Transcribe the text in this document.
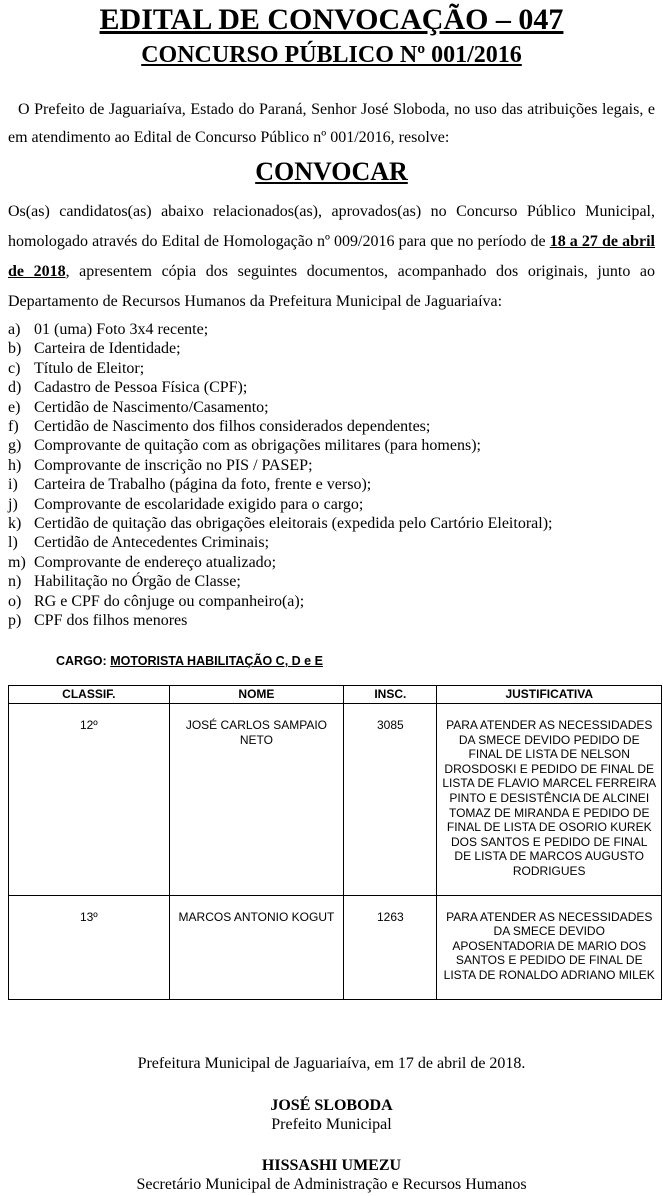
EDITAL DE CONVOCAÇÃO – 047
CONCURSO PÚBLICO Nº 001/2016

O Prefeito de Jaguariaíva, Estado do Paraná, Senhor José Sloboda, no uso das atribuições legais, e em atendimento ao Edital de Concurso Público nº 001/2016, resolve:

CONVOCAR

Os(as) candidatos(as) abaixo relacionados(as), aprovados(as) no Concurso Público Municipal, homologado através do Edital de Homologação nº 009/2016 para que no período de 18 a 27 de abril de 2018, apresentem cópia dos seguintes documentos, acompanhado dos originais, junto ao Departamento de Recursos Humanos da Prefeitura Municipal de Jaguariaíva:

a) 01 (uma) Foto 3x4 recente;
b) Carteira de Identidade;
c) Título de Eleitor;
d) Cadastro de Pessoa Física (CPF);
e) Certidão de Nascimento/Casamento;
f) Certidão de Nascimento dos filhos considerados dependentes;
g) Comprovante de quitação com as obrigações militares (para homens);
h) Comprovante de inscrição no PIS / PASEP;
i) Carteira de Trabalho (página da foto, frente e verso);
j) Comprovante de escolaridade exigido para o cargo;
k) Certidão de quitação das obrigações eleitorais (expedida pelo Cartório Eleitoral);
l) Certidão de Antecedentes Criminais;
m) Comprovante de endereço atualizado;
n) Habilitação no Órgão de Classe;
o) RG e CPF do cônjuge ou companheiro(a);
p) CPF dos filhos menores
CARGO: MOTORISTA HABILITAÇÃO C, D e E
CLASSIF.	NOME	INSC.	JUSTIFICATIVA
12º	JOSÉ CARLOS SAMPAIO NETO	3085	PARA ATENDER AS NECESSIDADES DA SMECE DEVIDO PEDIDO DE FINAL DE LISTA DE NELSON DROSDOSKI E PEDIDO DE FINAL DE LISTA DE FLAVIO MARCEL FERREIRA PINTO E DESISTÊNCIA DE ALCINEI TOMAZ DE MIRANDA E PEDIDO DE FINAL DE LISTA DE OSORIO KUREK DOS SANTOS E PEDIDO DE FINAL DE LISTA DE MARCOS AUGUSTO RODRIGUES
13º	MARCOS ANTONIO KOGUT	1263	PARA ATENDER AS NECESSIDADES DA SMECE DEVIDO APOSENTADORIA DE MARIO DOS SANTOS E PEDIDO DE FINAL DE LISTA DE RONALDO ADRIANO MILEK
Prefeitura Municipal de Jaguariaíva, em 17 de abril de 2018.
JOSÉ SLOBODA
Prefeito Municipal
HISSASHI UMEZU
Secretário Municipal de Administração e Recursos Humanos
